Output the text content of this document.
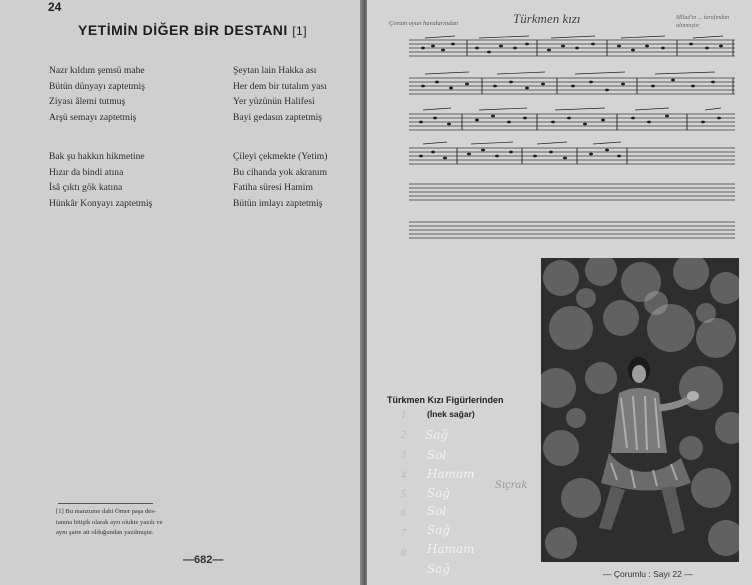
24
YETİMİN DİĞER BİR DESTANI [1]
Nazr kıldım şemsü mahe
Bütün dünyayı zaptetmiş
Ziyası âlemi tutmuş
Arşü semayı zaptetmiş
Şeytan lain Hakka ası
Her dem bir tutalım yası
Yer yüzünün Halifesi
Bayi gedasın zaptetmiş
Bak şu hakkın hikmetine
Hızır da bindi atına
İsâ çıktı gök katına
Hünkâr Konyayı zaptetmiş
Çileyi çekmekte (Yetim)
Bu cihanda yok akranım
Fatiha süresi Hamim
Bütün imlayı zaptetmiş
[1] Bu manzume dahi Ömer paşa des-
tanına bitişik olarak ayrı olukte yazılı ve
aynı şaire ait olduğundan yazılmıştır.
—682—
Çorum oyun havalarından	Türkmen kızı	Mîlad'ın ... tarafından alınmıştır
Türkmen Kızı Figürlerinden
(İnek sağar)
1
2
3
4
5
6
7
8
Sağ
Sol
Hamam
Sağ
Sol
Sağ
Hamam
Sağ
Sıçrak
— Çorumlu : Sayı 22 —
